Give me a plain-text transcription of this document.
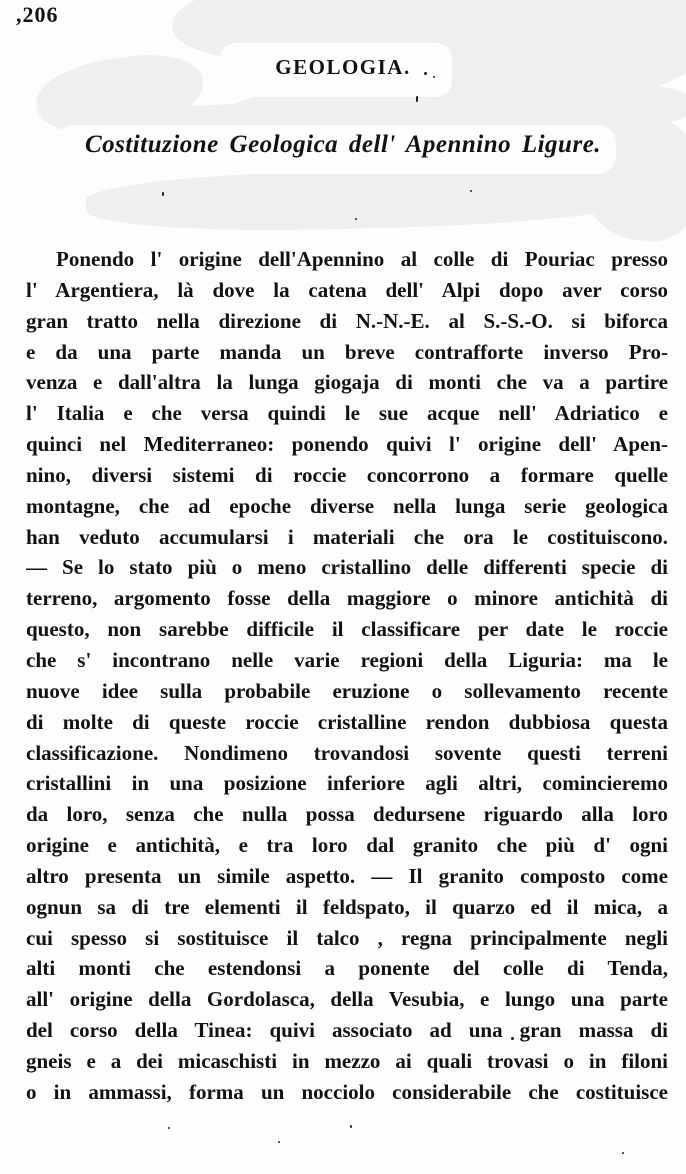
,206
GEOLOGIA.
Costituzione Geologica dell' Apennino Ligure.
Ponendo l' origine dell'Apennino al colle di Pouriac presso
l' Argentiera, là dove la catena dell' Alpi dopo aver corso
gran tratto nella direzione di N.-N.-E. al S.-S.-O. si biforca
e da una parte manda un breve contrafforte inverso Pro-
venza e dall'altra la lunga giogaja di monti che va a partire
l' Italia e che versa quindi le sue acque nell' Adriatico e
quinci nel Mediterraneo: ponendo quivi l' origine dell' Apen-
nino, diversi sistemi di roccie concorrono a formare quelle
montagne, che ad epoche diverse nella lunga serie geologica
han veduto accumularsi i materiali che ora le costituiscono.
— Se lo stato più o meno cristallino delle differenti specie di
terreno, argomento fosse della maggiore o minore antichità di
questo, non sarebbe difficile il classificare per date le roccie
che s' incontrano nelle varie regioni della Liguria: ma le
nuove idee sulla probabile eruzione o sollevamento recente
di molte di queste roccie cristalline rendon dubbiosa questa
classificazione. Nondimeno trovandosi sovente questi terreni
cristallini in una posizione inferiore agli altri, comincieremo
da loro, senza che nulla possa dedursene riguardo alla loro
origine e antichità, e tra loro dal granito che più d' ogni
altro presenta un simile aspetto. — Il granito composto come
ognun sa di tre elementi il feldspato, il quarzo ed il mica, a
cui spesso si sostituisce il talco , regna principalmente negli
alti monti che estendonsi a ponente del colle di Tenda,
all' origine della Gordolasca, della Vesubia, e lungo una parte
del corso della Tinea: quivi associato ad una gran massa di
gneis e a dei micaschisti in mezzo ai quali trovasi o in filoni
o in ammassi, forma un nocciolo considerabile che costituisce
